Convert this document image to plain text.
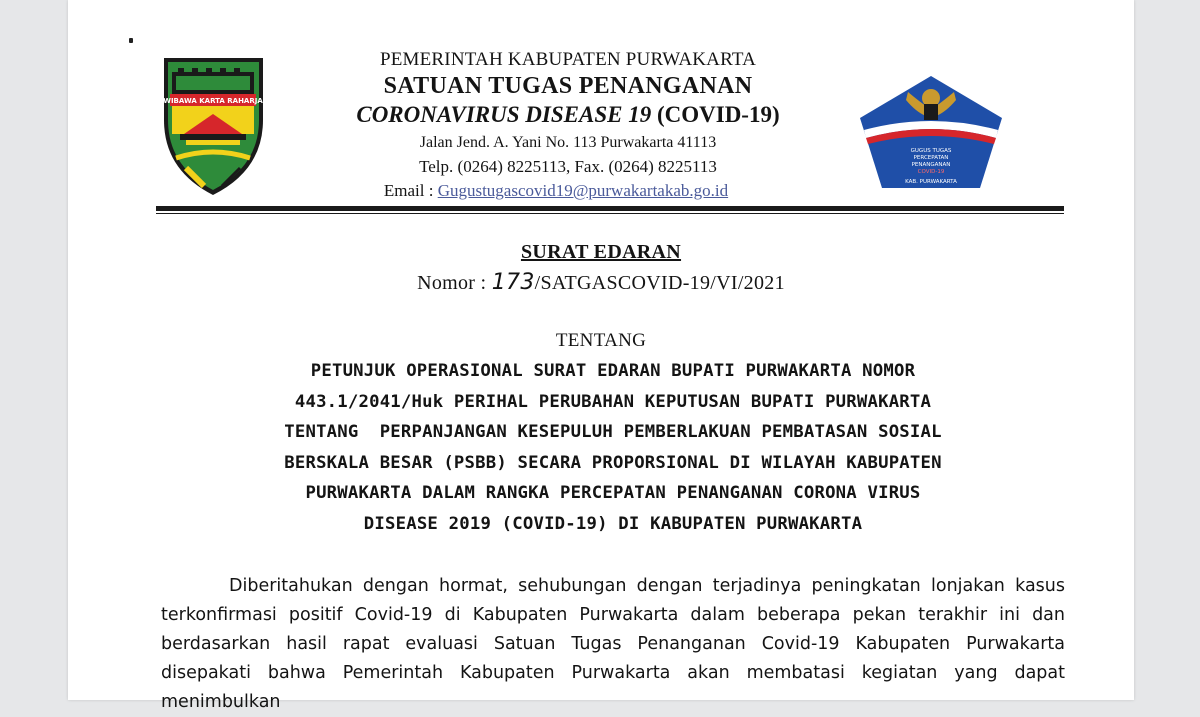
WIBAWA KARTA RAHARJA
PEMERINTAH KABUPATEN PURWAKARTA
SATUAN TUGAS PENANGANAN
CORONAVIRUS DISEASE 19 (COVID-19)
Jalan Jend. A. Yani No. 113 Purwakarta 41113
Telp. (0264) 8225113, Fax. (0264) 8225113
Email : Gugustugascovid19@purwakartakab.go.id
GUGUS TUGAS
PERCEPATAN
PENANGANAN
COVID-19
KAB. PURWAKARTA
SURAT EDARAN
Nomor : 173/SATGASCOVID-19/VI/2021
TENTANG
PETUNJUK OPERASIONAL SURAT EDARAN BUPATI PURWAKARTA NOMOR
443.1/2041/Huk PERIHAL PERUBAHAN KEPUTUSAN BUPATI PURWAKARTA
TENTANG  PERPANJANGAN KESEPULUH PEMBERLAKUAN PEMBATASAN SOSIAL
BERSKALA BESAR (PSBB) SECARA PROPORSIONAL DI WILAYAH KABUPATEN
PURWAKARTA DALAM RANGKA PERCEPATAN PENANGANAN CORONA VIRUS
DISEASE 2019 (COVID-19) DI KABUPATEN PURWAKARTA
Diberitahukan dengan hormat, sehubungan dengan terjadinya peningkatan lonjakan kasus terkonfirmasi positif Covid-19 di Kabupaten Purwakarta dalam beberapa pekan terakhir ini dan berdasarkan hasil rapat evaluasi Satuan Tugas Penanganan Covid-19 Kabupaten Purwakarta disepakati bahwa Pemerintah Kabupaten Purwakarta akan membatasi kegiatan yang dapat menimbulkan
